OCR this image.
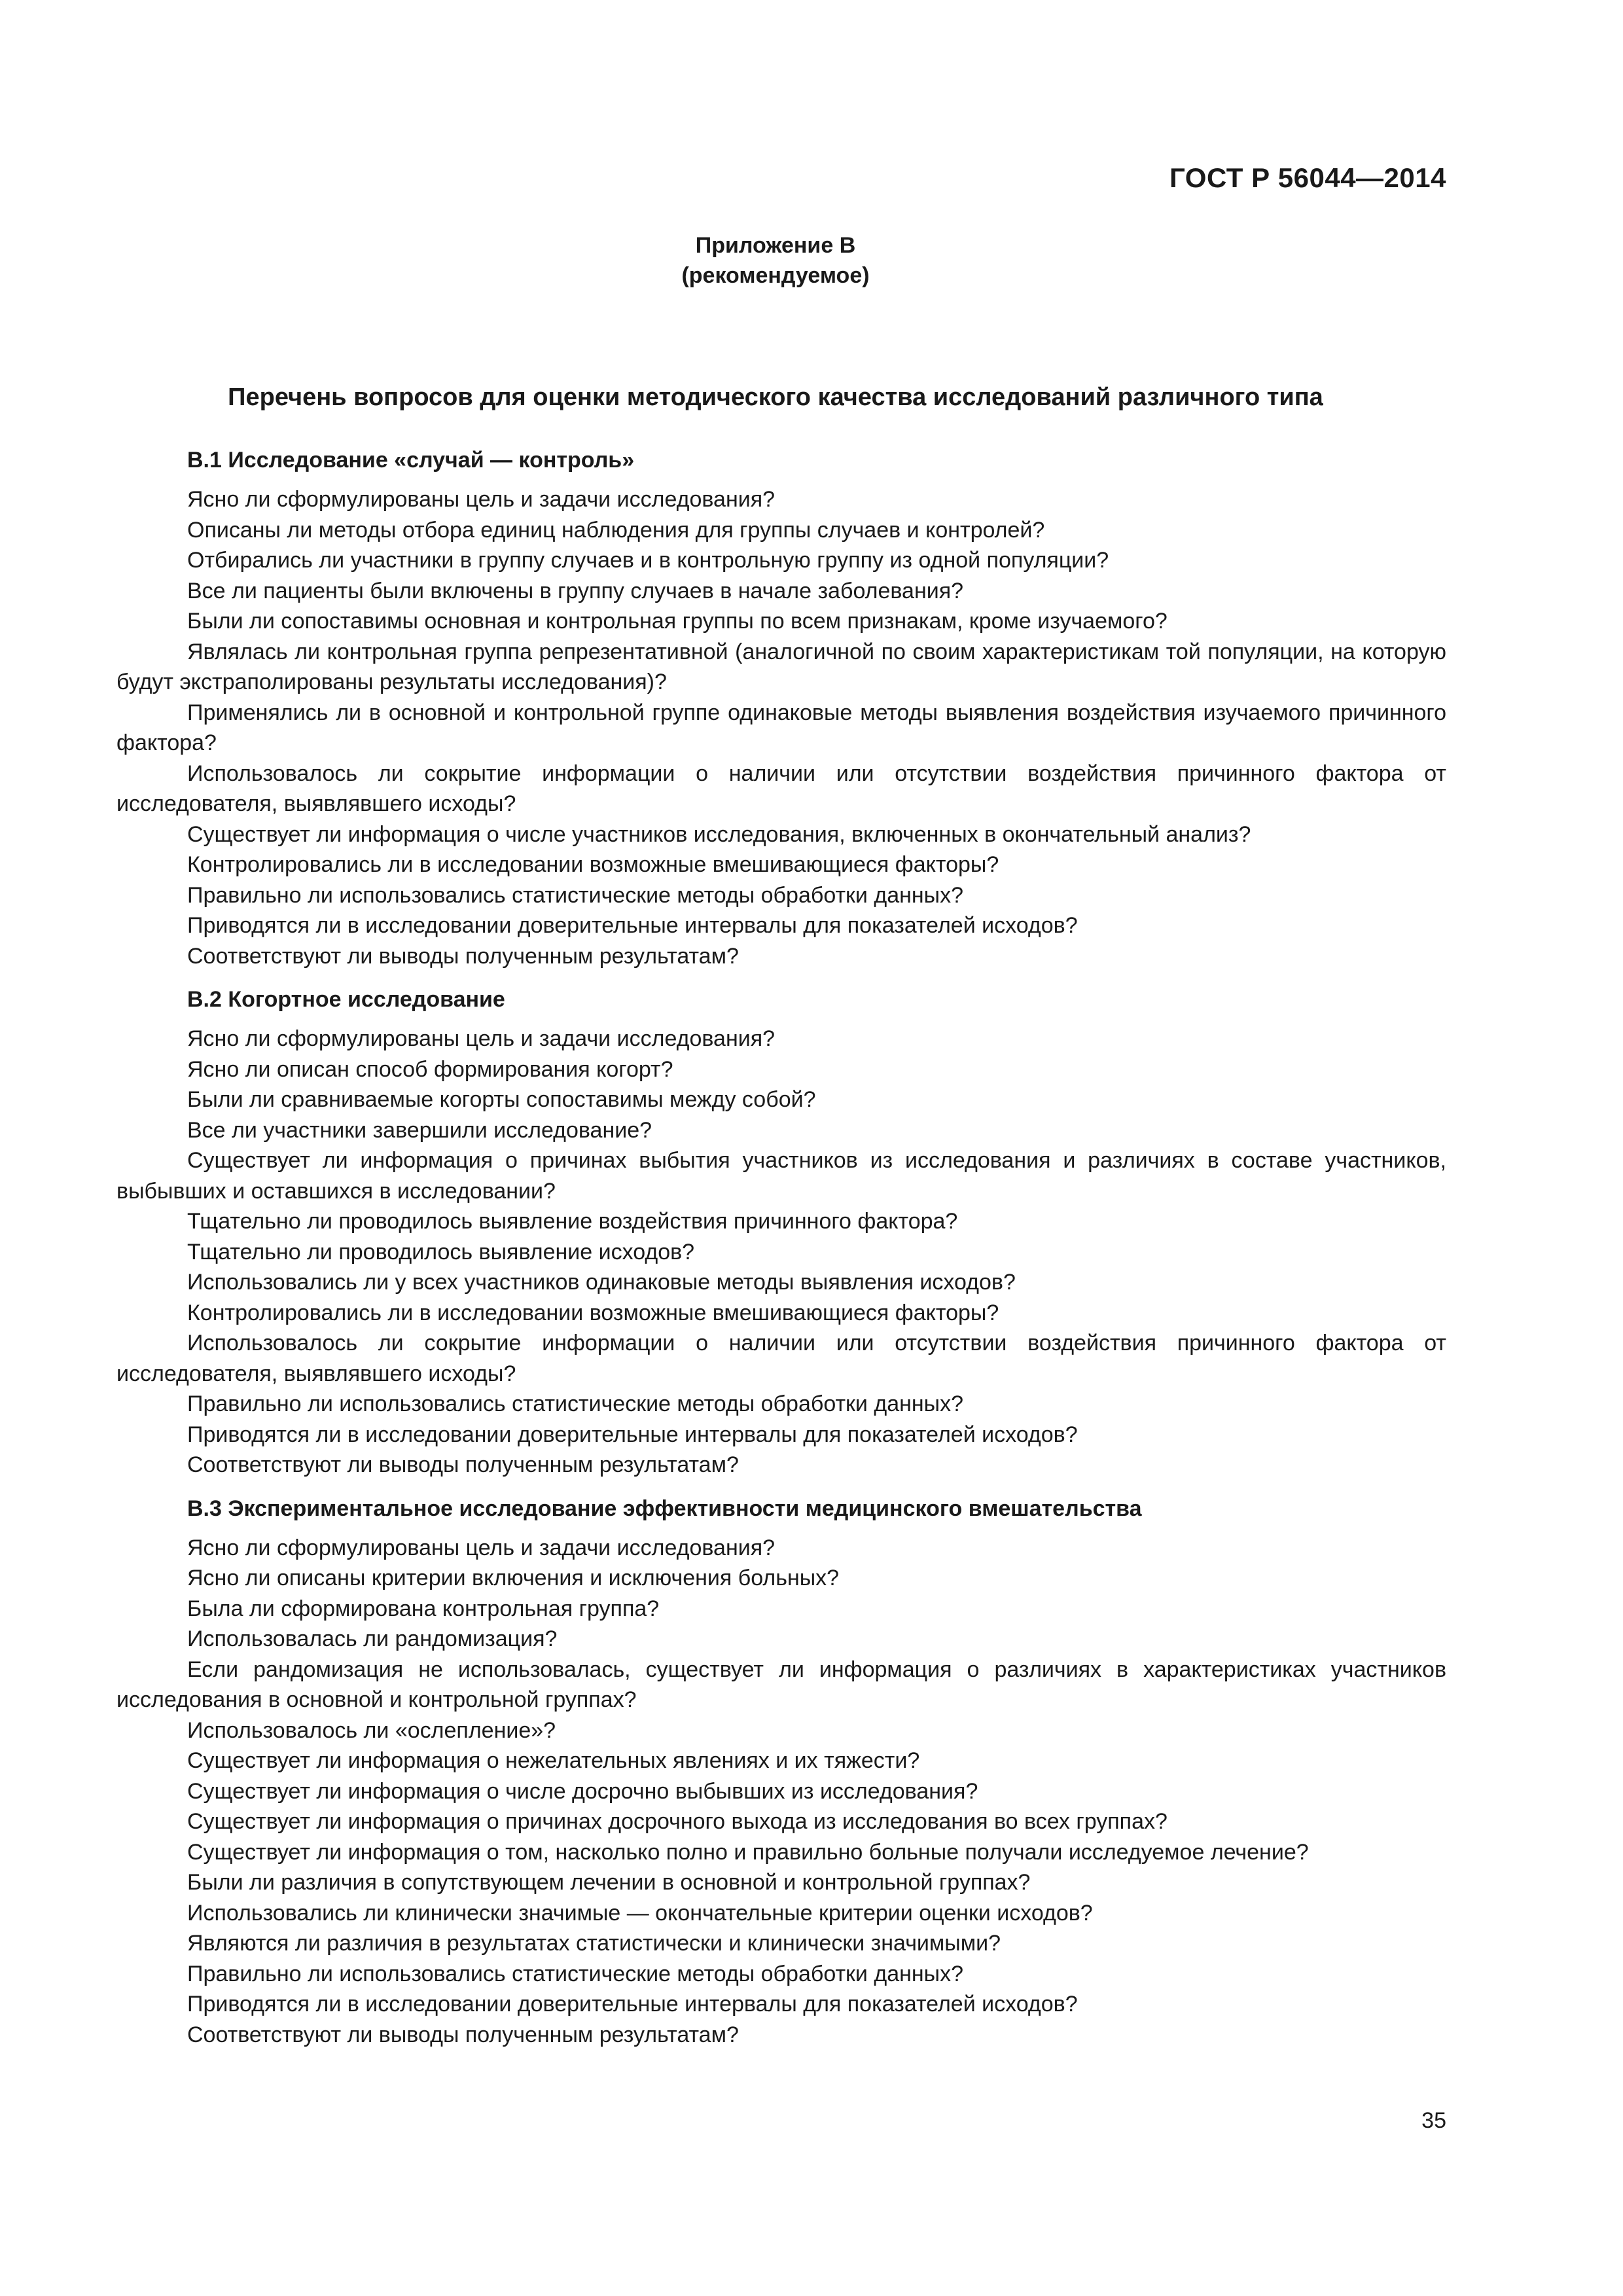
ГОСТ Р 56044—2014
Приложение В
(рекомендуемое)
Перечень вопросов для оценки методического качества исследований различного типа
В.1 Исследование «случай — контроль»

Ясно ли сформулированы цель и задачи исследования?

Описаны ли методы отбора единиц наблюдения для группы случаев и контролей?

Отбирались ли участники в группу случаев и в контрольную группу из одной популяции?

Все ли пациенты были включены в группу случаев в начале заболевания?

Были ли сопоставимы основная и контрольная группы по всем признакам, кроме изучаемого?

Являлась ли контрольная группа репрезентативной (аналогичной по своим характеристикам той популяции, на которую будут экстраполированы результаты исследования)?

Применялись ли в основной и контрольной группе одинаковые методы выявления воздействия изучаемого причинного фактора?

Использовалось ли сокрытие информации о наличии или отсутствии воздействия причинного фактора от исследователя, выявлявшего исходы?

Существует ли информация о числе участников исследования, включенных в окончательный анализ?

Контролировались ли в исследовании возможные вмешивающиеся факторы?

Правильно ли использовались статистические методы обработки данных?

Приводятся ли в исследовании доверительные интервалы для показателей исходов?

Соответствуют ли выводы полученным результатам?

В.2 Когортное исследование

Ясно ли сформулированы цель и задачи исследования?

Ясно ли описан способ формирования когорт?

Были ли сравниваемые когорты сопоставимы между собой?

Все ли участники завершили исследование?

Существует ли информация о причинах выбытия участников из исследования и различиях в составе участников, выбывших и оставшихся в исследовании?

Тщательно ли проводилось выявление воздействия причинного фактора?

Тщательно ли проводилось выявление исходов?

Использовались ли у всех участников одинаковые методы выявления исходов?

Контролировались ли в исследовании возможные вмешивающиеся факторы?

Использовалось ли сокрытие информации о наличии или отсутствии воздействия причинного фактора от исследователя, выявлявшего исходы?

Правильно ли использовались статистические методы обработки данных?

Приводятся ли в исследовании доверительные интервалы для показателей исходов?

Соответствуют ли выводы полученным результатам?

В.3 Экспериментальное исследование эффективности медицинского вмешательства

Ясно ли сформулированы цель и задачи исследования?

Ясно ли описаны критерии включения и исключения больных?

Была ли сформирована контрольная группа?

Использовалась ли рандомизация?

Если рандомизация не использовалась, существует ли информация о различиях в характеристиках участников исследования в основной и контрольной группах?

Использовалось ли «ослепление»?

Существует ли информация о нежелательных явлениях и их тяжести?

Существует ли информация о числе досрочно выбывших из исследования?

Существует ли информация о причинах досрочного выхода из исследования во всех группах?

Существует ли информация о том, насколько полно и правильно больные получали исследуемое лечение?

Были ли различия в сопутствующем лечении в основной и контрольной группах?

Использовались ли клинически значимые — окончательные критерии оценки исходов?

Являются ли различия в результатах статистически и клинически значимыми?

Правильно ли использовались статистические методы обработки данных?

Приводятся ли в исследовании доверительные интервалы для показателей исходов?

Соответствуют ли выводы полученным результатам?

35
